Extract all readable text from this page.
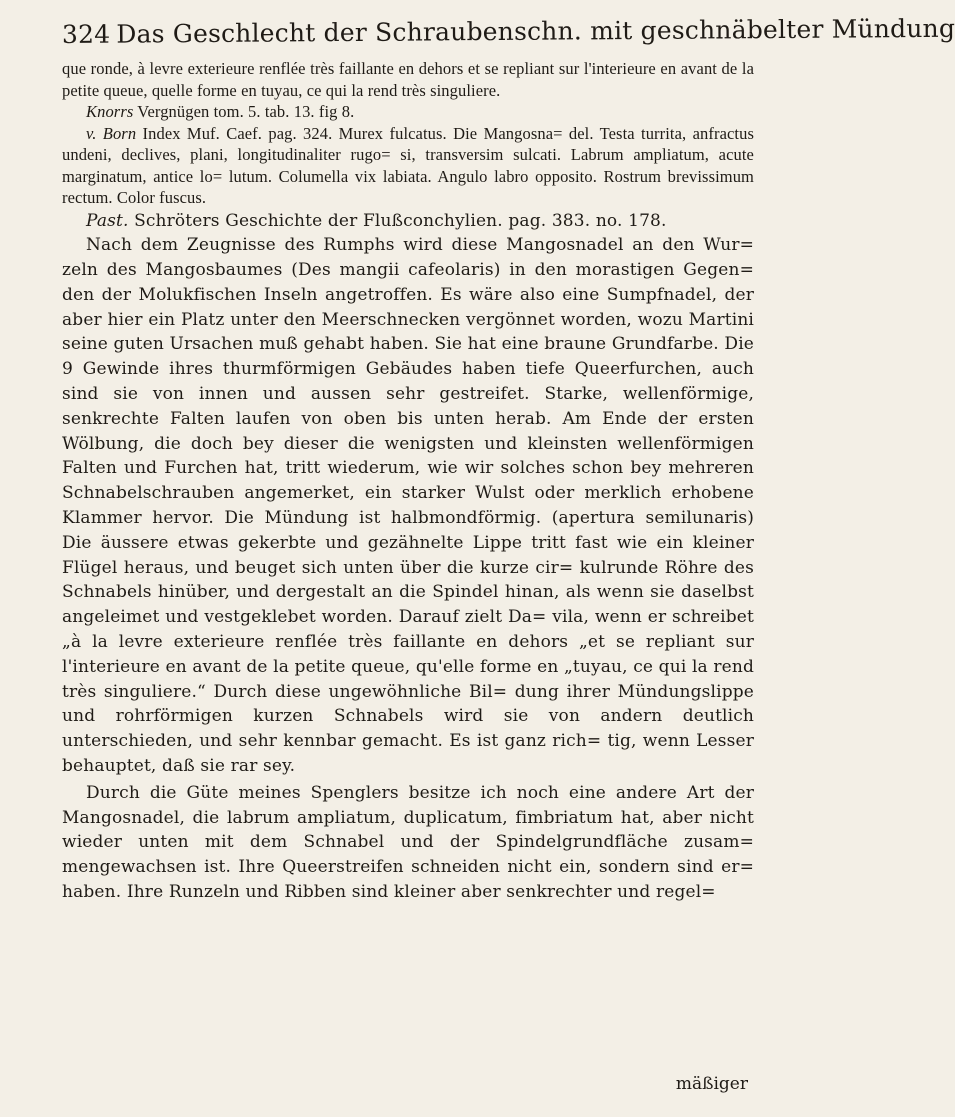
324 Das Geschlecht der Schraubenschn. mit geschnäbelter Mündung

que ronde, à levre exterieure renflée très faillante en dehors et se repliant sur l'interieure en avant de la petite queue, quelle forme en tuyau, ce qui la rend très singuliere.

Knorrs Vergnügen tom. 5. tab. 13. fig 8.

v. Born Index Muf. Caef. pag. 324. Murex fulcatus. Die Mangosna= del. Testa turrita, anfractus undeni, declives, plani, longitudinaliter rugo= si, transversim sulcati. Labrum ampliatum, acute marginatum, antice lo= lutum. Columella vix labiata. Angulo labro opposito. Rostrum brevissimum rectum. Color fuscus.

Past. Schröters Geschichte der Flußconchylien. pag. 383. no. 178.

Nach dem Zeugnisse des Rumphs wird diese Mangosnadel an den Wur= zeln des Mangosbaumes (Des mangii cafeolaris) in den morastigen Gegen= den der Molukfischen Inseln angetroffen. Es wäre also eine Sumpfnadel, der aber hier ein Platz unter den Meerschnecken vergönnet worden, wozu Martini seine guten Ursachen muß gehabt haben. Sie hat eine braune Grundfarbe. Die 9 Gewinde ihres thurmförmigen Gebäudes haben tiefe Queerfurchen, auch sind sie von innen und aussen sehr gestreifet. Starke, wellenförmige, senkrechte Falten laufen von oben bis unten herab. Am Ende der ersten Wölbung, die doch bey dieser die wenigsten und kleinsten wellenförmigen Falten und Furchen hat, tritt wiederum, wie wir solches schon bey mehreren Schnabelschrauben angemerket, ein starker Wulst oder merklich erhobene Klammer hervor. Die Mündung ist halbmondförmig. (apertura semilunaris) Die äussere etwas gekerbte und gezähnelte Lippe tritt fast wie ein kleiner Flügel heraus, und beuget sich unten über die kurze cir= kulrunde Röhre des Schnabels hinüber, und dergestalt an die Spindel hinan, als wenn sie daselbst angeleimet und vestgeklebet worden. Darauf zielt Da= vila, wenn er schreibet „à la levre exterieure renflée très faillante en dehors „et se repliant sur l'interieure en avant de la petite queue, qu'elle forme en „tuyau, ce qui la rend très singuliere.“ Durch diese ungewöhnliche Bil= dung ihrer Mündungslippe und rohrförmigen kurzen Schnabels wird sie von andern deutlich unterschieden, und sehr kennbar gemacht. Es ist ganz rich= tig, wenn Lesser behauptet, daß sie rar sey.

Durch die Güte meines Spenglers besitze ich noch eine andere Art der Mangosnadel, die labrum ampliatum, duplicatum, fimbriatum hat, aber nicht wieder unten mit dem Schnabel und der Spindelgrundfläche zusam= mengewachsen ist. Ihre Queerstreifen schneiden nicht ein, sondern sind er= haben. Ihre Runzeln und Ribben sind kleiner aber senkrechter und regel=

mäßiger
